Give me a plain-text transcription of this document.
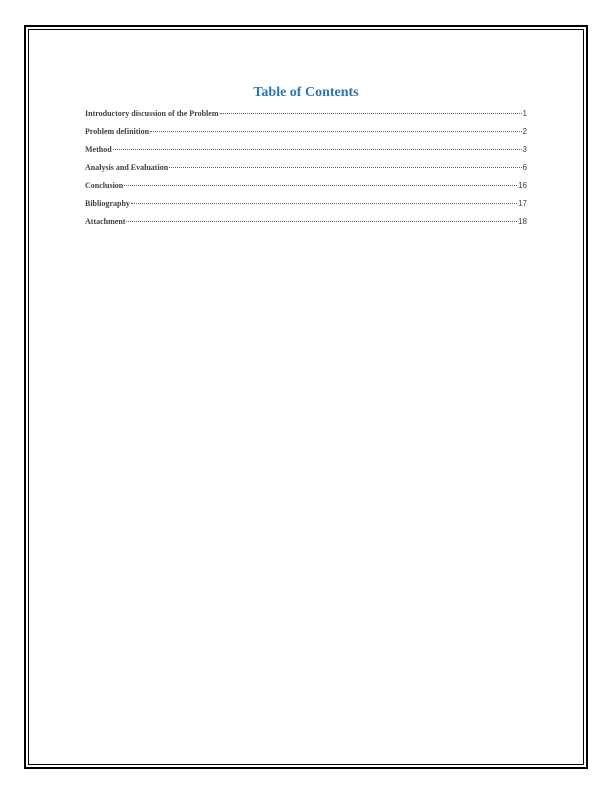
Table of Contents
Introductory discussion of the Problem	1
Problem definition	2
Method	3
Analysis and Evaluation	6
Conclusion	16
Bibliography	17
Attachment	18
